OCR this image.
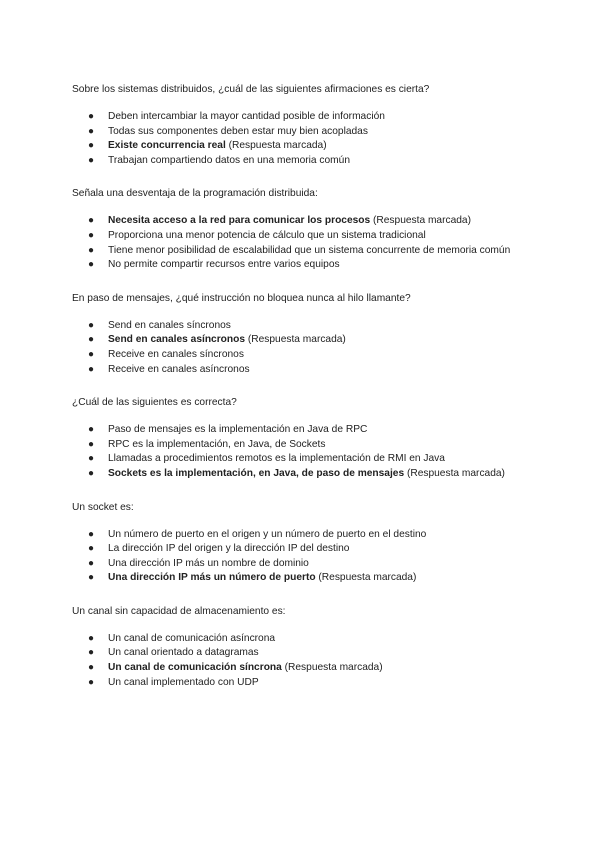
Sobre los sistemas distribuidos, ¿cuál de las siguientes afirmaciones es cierta?

●	Deben intercambiar la mayor cantidad posible de información
●	Todas sus componentes deben estar muy bien acopladas
●	Existe concurrencia real (Respuesta marcada)
●	Trabajan compartiendo datos en una memoria común

Señala una desventaja de la programación distribuida:

●	Necesita acceso a la red para comunicar los procesos (Respuesta marcada)
●	Proporciona una menor potencia de cálculo que un sistema tradicional
●	Tiene menor posibilidad de escalabilidad que un sistema concurrente de memoria común
●	No permite compartir recursos entre varios equipos

En paso de mensajes, ¿qué instrucción no bloquea nunca al hilo llamante?

●	Send en canales síncronos
●	Send en canales asíncronos (Respuesta marcada)
●	Receive en canales síncronos
●	Receive en canales asíncronos

¿Cuál de las siguientes es correcta?

●	Paso de mensajes es la implementación en Java de RPC
●	RPC es la implementación, en Java, de Sockets
●	Llamadas a procedimientos remotos es la implementación de RMI en Java
●	Sockets es la implementación, en Java, de paso de mensajes (Respuesta marcada)

Un socket es:

●	Un número de puerto en el origen y un número de puerto en el destino
●	La dirección IP del origen y la dirección IP del destino
●	Una dirección IP más un nombre de dominio
●	Una dirección IP más un número de puerto (Respuesta marcada)

Un canal sin capacidad de almacenamiento es:

●	Un canal de comunicación asíncrona
●	Un canal orientado a datagramas
●	Un canal de comunicación síncrona (Respuesta marcada)
●	Un canal implementado con UDP
